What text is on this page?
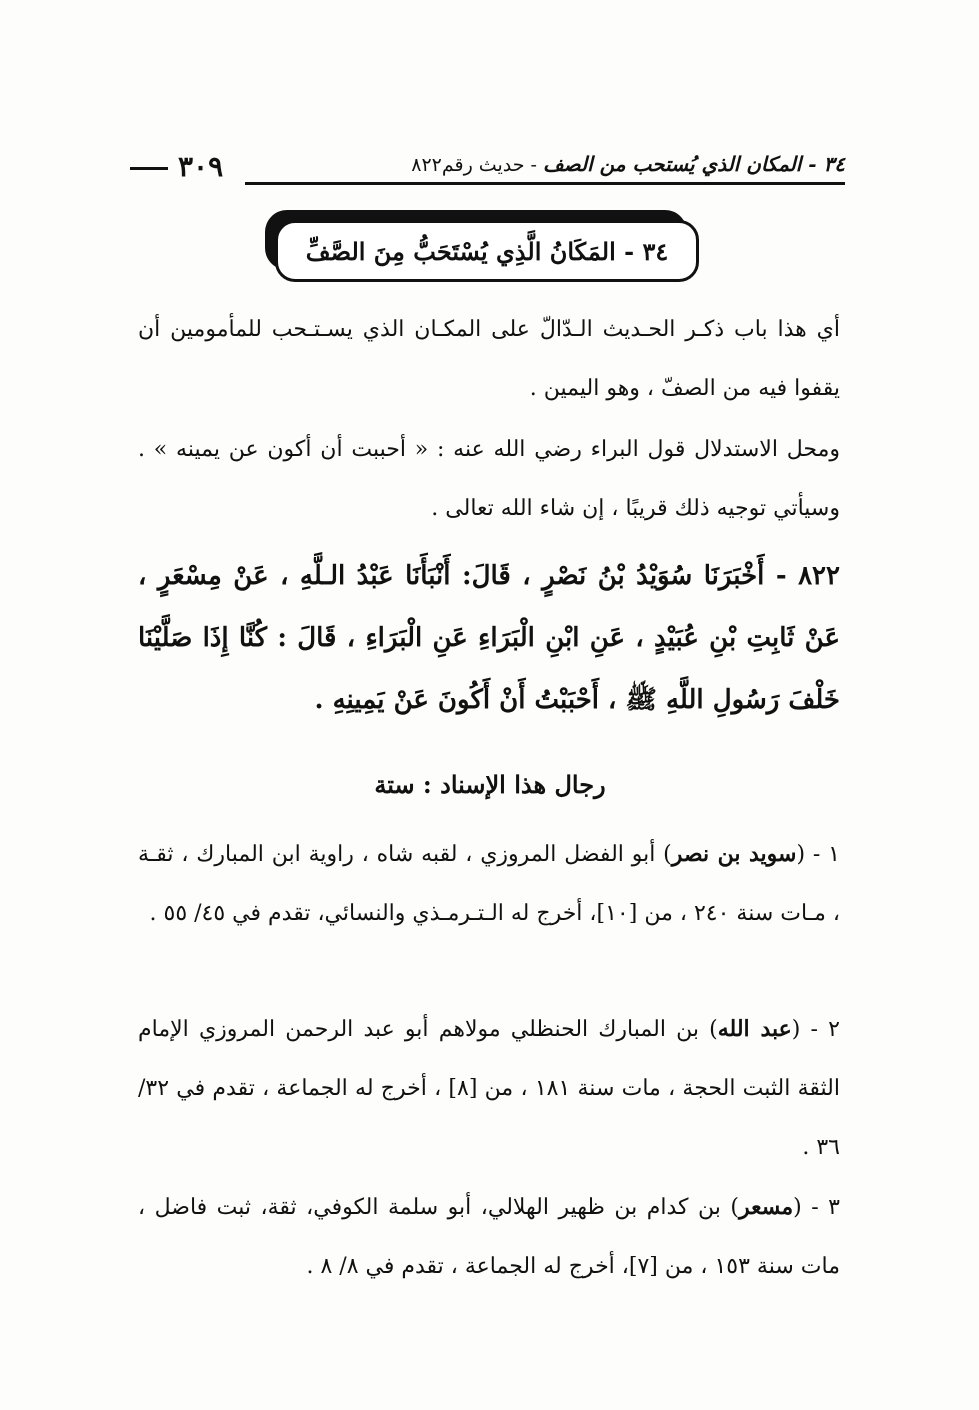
٣٠٩	٣٤ - المكان الذي يُستحب من الصف - حديث رقم٨٢٢
٣٤ - المَكَانُ الَّذِي يُسْتَحَبُّ مِنَ الصَّفِّ

أي هذا باب ذكـر الحـديث الـدّالّ على المكـان الذي يسـتـحب للمأمومين أن يقفوا فيه من الصفّ ، وهو اليمين .

ومحل الاستدلال قول البراء رضي الله عنه : « أحببت أن أكون عن يمينه » . وسيأتي توجيه ذلك قريبًا ، إن شاء الله تعالى .

٨٢٢ - أَخْبَرَنَا سُوَيْدُ بْنُ نَصْرٍ ، قَالَ: أَنْبَأَنَا عَبْدُ الـلَّهِ ، عَنْ مِسْعَرٍ ، عَنْ ثَابِتِ بْنِ عُبَيْدٍ ، عَنِ ابْنِ الْبَرَاءِ عَنِ الْبَرَاءِ ، قَالَ : كُنَّا إِذَا صَلَّيْنَا خَلْفَ رَسُولِ اللَّهِ ﷺ ، أَحْبَبْتُ أَنْ أَكُونَ عَنْ يَمِينِهِ .

رجال هذا الإسناد : ستة

١ - (سويد بن نصر) أبو الفضل المروزي ، لقبه شاه ، راوية ابن المبارك ، ثقـة ، مـات سنة ٢٤٠ ، من [١٠]، أخرج له الـتـرمـذي والنسائي، تقدم في ٤٥/ ٥٥ .

٢ - (عبد الله) بن المبارك الحنظلي مولاهم أبو عبد الرحمن المروزي الإمام الثقة الثبت الحجة ، مات سنة ١٨١ ، من [٨] ، أخرج له الجماعة ، تقدم في ٣٢/ ٣٦ .

٣ - (مسعر) بن كدام بن ظهير الهلالي، أبو سلمة الكوفي، ثقة، ثبت فاضل ، مات سنة ١٥٣ ، من [٧]، أخرج له الجماعة ، تقدم في ٨/ ٨ .
